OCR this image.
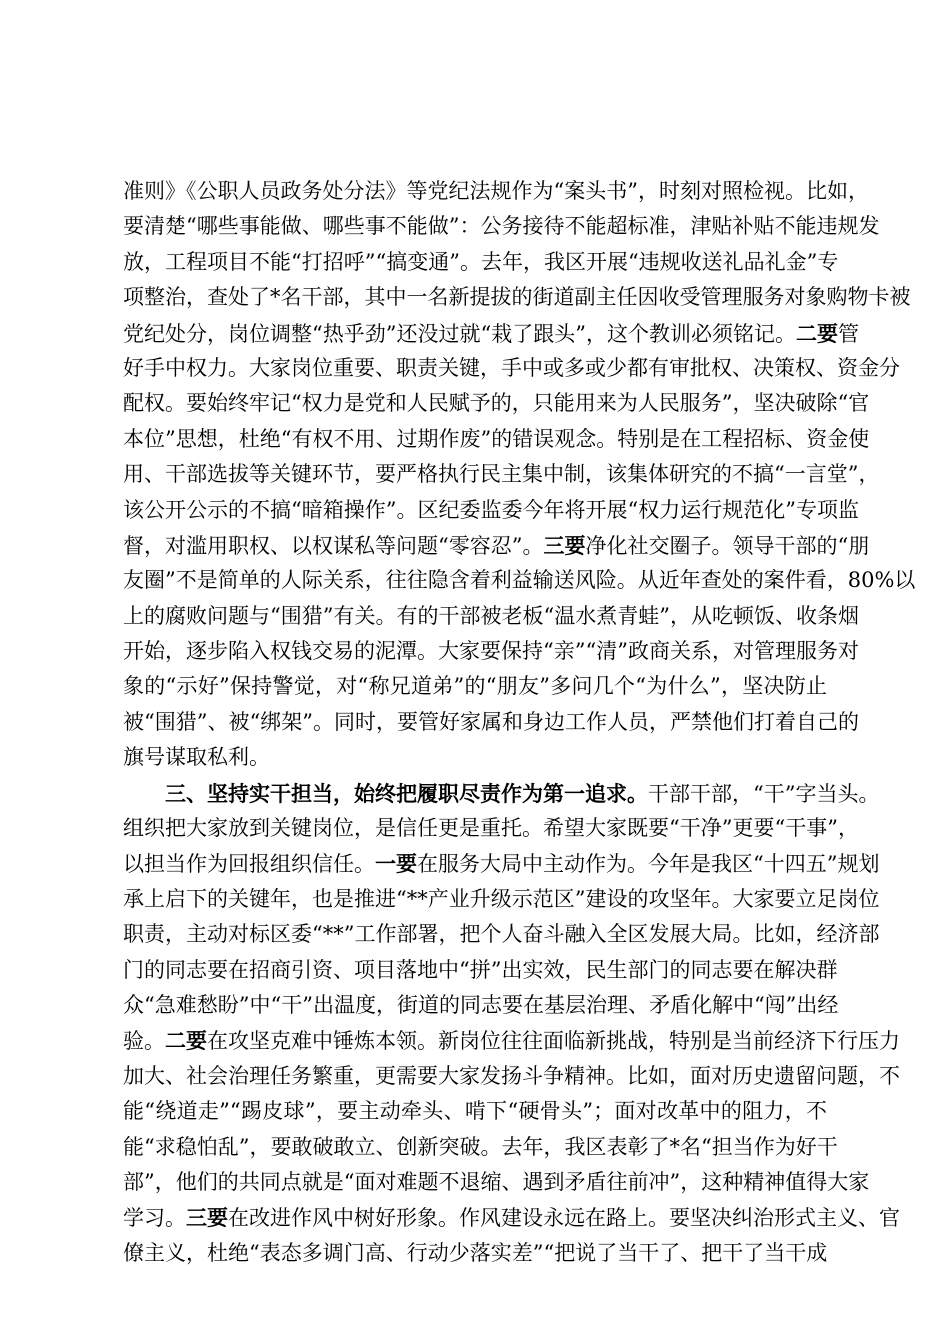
准则》《公职人员政务处分法》等党纪法规作为“案头书”，时刻对照检视。比如，
要清楚“哪些事能做、哪些事不能做”：公务接待不能超标准，津贴补贴不能违规发
放，工程项目不能“打招呼”“搞变通”。去年，我区开展“违规收送礼品礼金”专
项整治，查处了*名干部，其中一名新提拔的街道副主任因收受管理服务对象购物卡被
党纪处分，岗位调整“热乎劲”还没过就“栽了跟头”，这个教训必须铭记。二要管
好手中权力。大家岗位重要、职责关键，手中或多或少都有审批权、决策权、资金分
配权。要始终牢记“权力是党和人民赋予的，只能用来为人民服务”，坚决破除“官
本位”思想，杜绝“有权不用、过期作废”的错误观念。特别是在工程招标、资金使
用、干部选拔等关键环节，要严格执行民主集中制，该集体研究的不搞“一言堂”，
该公开公示的不搞“暗箱操作”。区纪委监委今年将开展“权力运行规范化”专项监
督，对滥用职权、以权谋私等问题“零容忍”。三要净化社交圈子。领导干部的“朋
友圈”不是简单的人际关系，往往隐含着利益输送风险。从近年查处的案件看，80%以
上的腐败问题与“围猎”有关。有的干部被老板“温水煮青蛙”，从吃顿饭、收条烟
开始，逐步陷入权钱交易的泥潭。大家要保持“亲”“清”政商关系，对管理服务对
象的“示好”保持警觉，对“称兄道弟”的“朋友”多问几个“为什么”，坚决防止
被“围猎”、被“绑架”。同时，要管好家属和身边工作人员，严禁他们打着自己的
旗号谋取私利。
三、坚持实干担当，始终把履职尽责作为第一追求。干部干部，“干”字当头。
组织把大家放到关键岗位，是信任更是重托。希望大家既要“干净”更要“干事”，
以担当作为回报组织信任。一要在服务大局中主动作为。今年是我区“十四五”规划
承上启下的关键年，也是推进“**产业升级示范区”建设的攻坚年。大家要立足岗位
职责，主动对标区委“**”工作部署，把个人奋斗融入全区发展大局。比如，经济部
门的同志要在招商引资、项目落地中“拼”出实效，民生部门的同志要在解决群
众“急难愁盼”中“干”出温度，街道的同志要在基层治理、矛盾化解中“闯”出经
验。二要在攻坚克难中锤炼本领。新岗位往往面临新挑战，特别是当前经济下行压力
加大、社会治理任务繁重，更需要大家发扬斗争精神。比如，面对历史遗留问题，不
能“绕道走”“踢皮球”，要主动牵头、啃下“硬骨头”；面对改革中的阻力，不
能“求稳怕乱”，要敢破敢立、创新突破。去年，我区表彰了*名“担当作为好干
部”，他们的共同点就是“面对难题不退缩、遇到矛盾往前冲”，这种精神值得大家
学习。三要在改进作风中树好形象。作风建设永远在路上。要坚决纠治形式主义、官
僚主义，杜绝“表态多调门高、行动少落实差”“把说了当干了、把干了当干成
